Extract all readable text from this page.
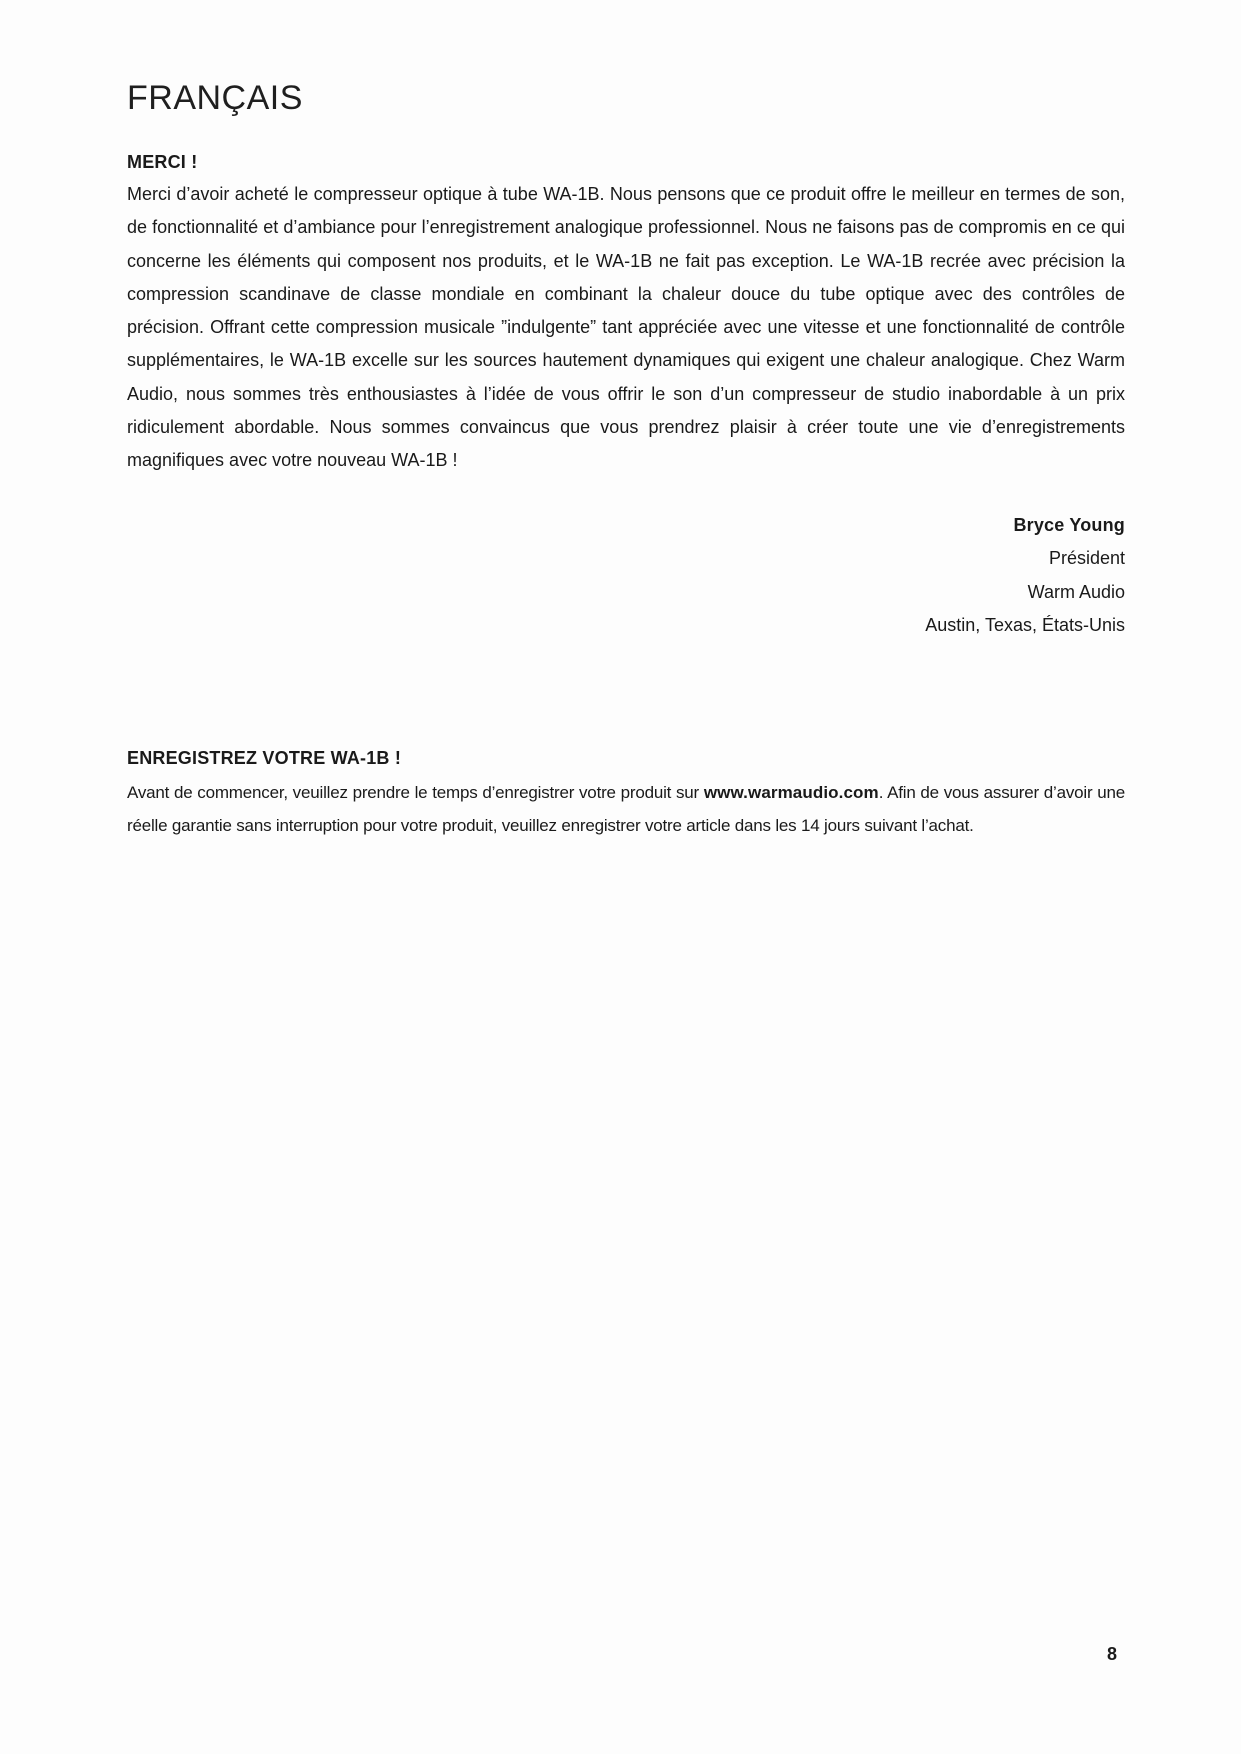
FRANÇAIS
MERCI !

Merci d’avoir acheté le compresseur optique à tube WA-1B. Nous pensons que ce produit offre le meilleur en termes de son, de fonctionnalité et d’ambiance pour l’enregistrement analogique professionnel. Nous ne faisons pas de compromis en ce qui concerne les éléments qui composent nos produits, et le WA-1B ne fait pas exception. Le WA-1B recrée avec précision la compression scandinave de classe mondiale en combinant la chaleur douce du tube optique avec des contrôles de précision. Offrant cette compression musicale ”indulgente” tant appréciée avec une vitesse et une fonctionnalité de contrôle supplémentaires, le WA-1B excelle sur les sources hautement dynamiques qui exigent une chaleur analogique. Chez Warm Audio, nous sommes très enthousiastes à l’idée de vous offrir le son d’un compresseur de studio inabordable à un prix ridiculement abordable. Nous sommes convaincus que vous prendrez plaisir à créer toute une vie d’enregistrements magnifiques avec votre nouveau WA-1B !

Bryce Young
Président
Warm Audio
Austin, Texas, États-Unis
ENREGISTREZ VOTRE WA-1B !

Avant de commencer, veuillez prendre le temps d’enregistrer votre produit sur www.warmaudio.com. Afin de vous assurer d’avoir une réelle garantie sans interruption pour votre produit, veuillez enregistrer votre article dans les 14 jours suivant l’achat.

8
